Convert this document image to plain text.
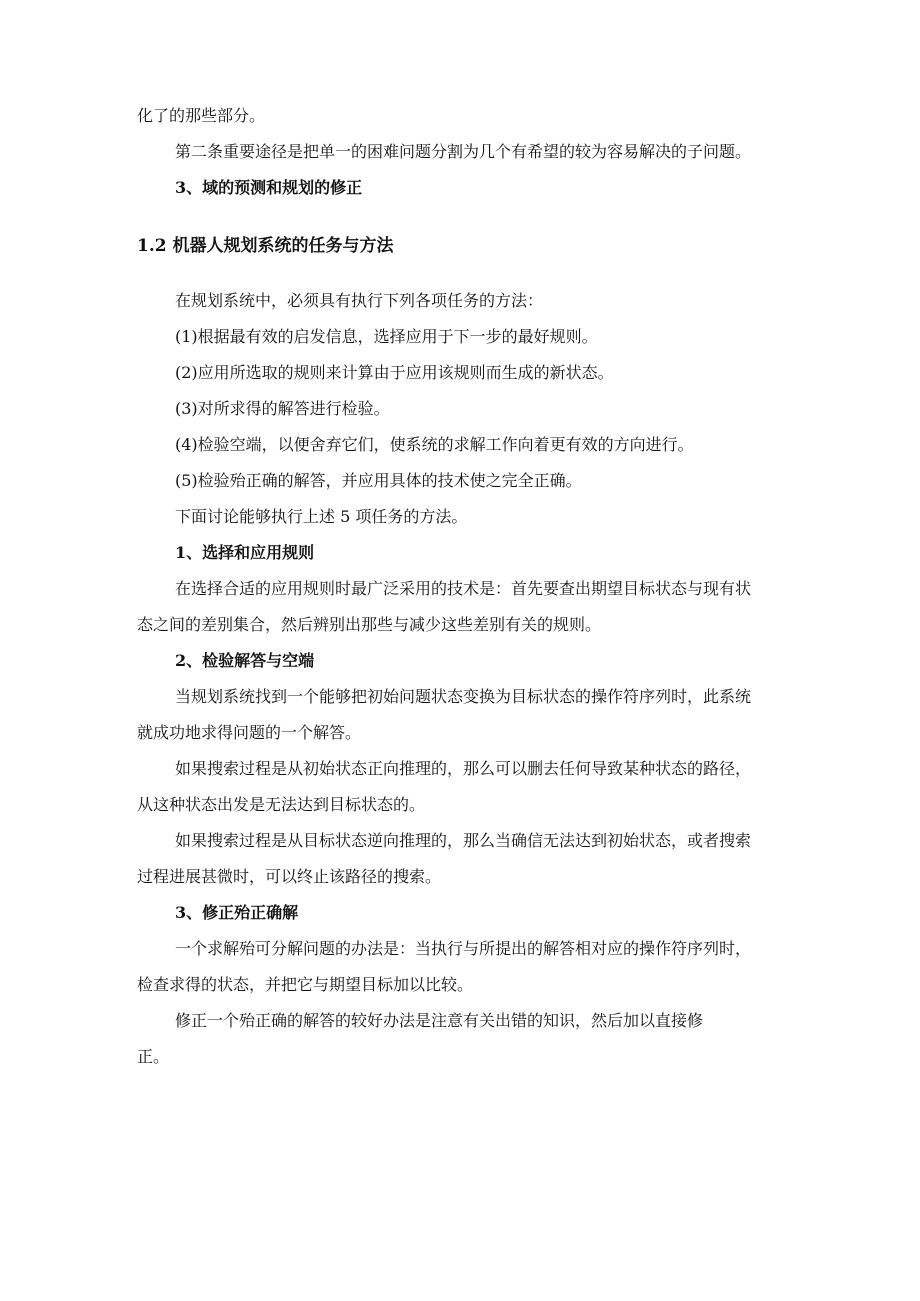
化了的那些部分。
第二条重要途径是把单一的困难问题分割为几个有希望的较为容易解决的子问题。
3、域的预测和规划的修正
1.2 机器人规划系统的任务与方法
在规划系统中，必须具有执行下列各项任务的方法：
(1)根据最有效的启发信息，选择应用于下一步的最好规则。
(2)应用所选取的规则来计算由于应用该规则而生成的新状态。
(3)对所求得的解答进行检验。
(4)检验空端，以便舍弃它们，使系统的求解工作向着更有效的方向进行。
(5)检验殆正确的解答，并应用具体的技术使之完全正确。
下面讨论能够执行上述 5 项任务的方法。
1、选择和应用规则
在选择合适的应用规则时最广泛采用的技术是：首先要查出期望目标状态与现有状
态之间的差别集合，然后辨别出那些与减少这些差别有关的规则。
2、检验解答与空端
当规划系统找到一个能够把初始问题状态变换为目标状态的操作符序列时，此系统
就成功地求得问题的一个解答。
如果搜索过程是从初始状态正向推理的，那么可以删去任何导致某种状态的路径，
从这种状态出发是无法达到目标状态的。
如果搜索过程是从目标状态逆向推理的，那么当确信无法达到初始状态，或者搜索
过程进展甚微时，可以终止该路径的搜索。
3、修正殆正确解
一个求解殆可分解问题的办法是：当执行与所提出的解答相对应的操作符序列时，
检查求得的状态，并把它与期望目标加以比较。
修正一个殆正确的解答的较好办法是注意有关出错的知识，然后加以直接修
正。
